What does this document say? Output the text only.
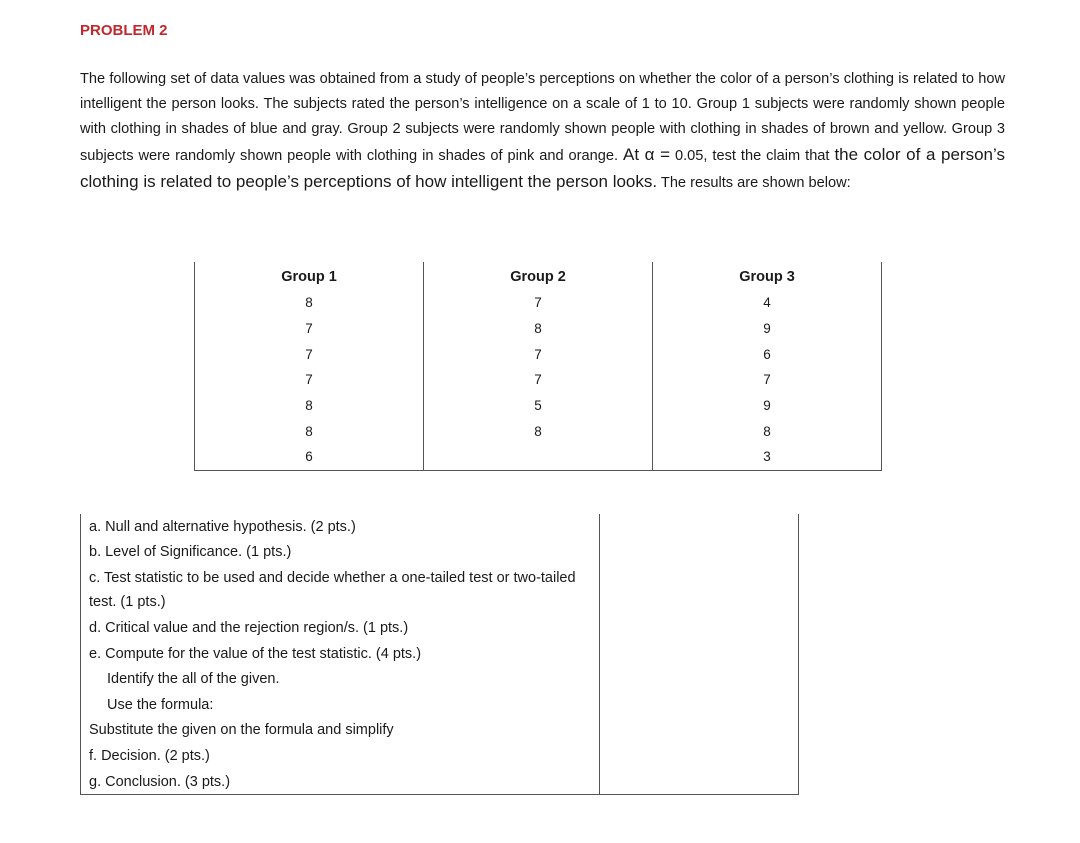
PROBLEM 2
The following set of data values was obtained from a study of people’s perceptions on whether the color of a person’s clothing is related to how intelligent the person looks. The subjects rated the person’s intelligence on a scale of 1 to 10. Group 1 subjects were randomly shown people with clothing in shades of blue and gray. Group 2 subjects were randomly shown people with clothing in shades of brown and yellow. Group 3 subjects were randomly shown people with clothing in shades of pink and orange. At α = 0.05, test the claim that the color of a person’s clothing is related to people’s perceptions of how intelligent the person looks. The results are shown below:
Group 1	Group 2	Group 3
8	7	4
7	8	9
7	7	6
7	7	7
8	5	9
8	8	8
6		3
a. Null and alternative hypothesis. (2 pts.)	
b. Level of Significance. (1 pts.)	
c. Test statistic to be used and decide whether a one-tailed test or two-tailed test. (1 pts.)	
d. Critical value and the rejection region/s. (1 pts.)	
e. Compute for the value of the test statistic. (4 pts.)	
Identify the all of the given.	
Use the formula:	
Substitute the given on the formula and simplify	
f. Decision. (2 pts.)	
g. Conclusion. (3 pts.)	
